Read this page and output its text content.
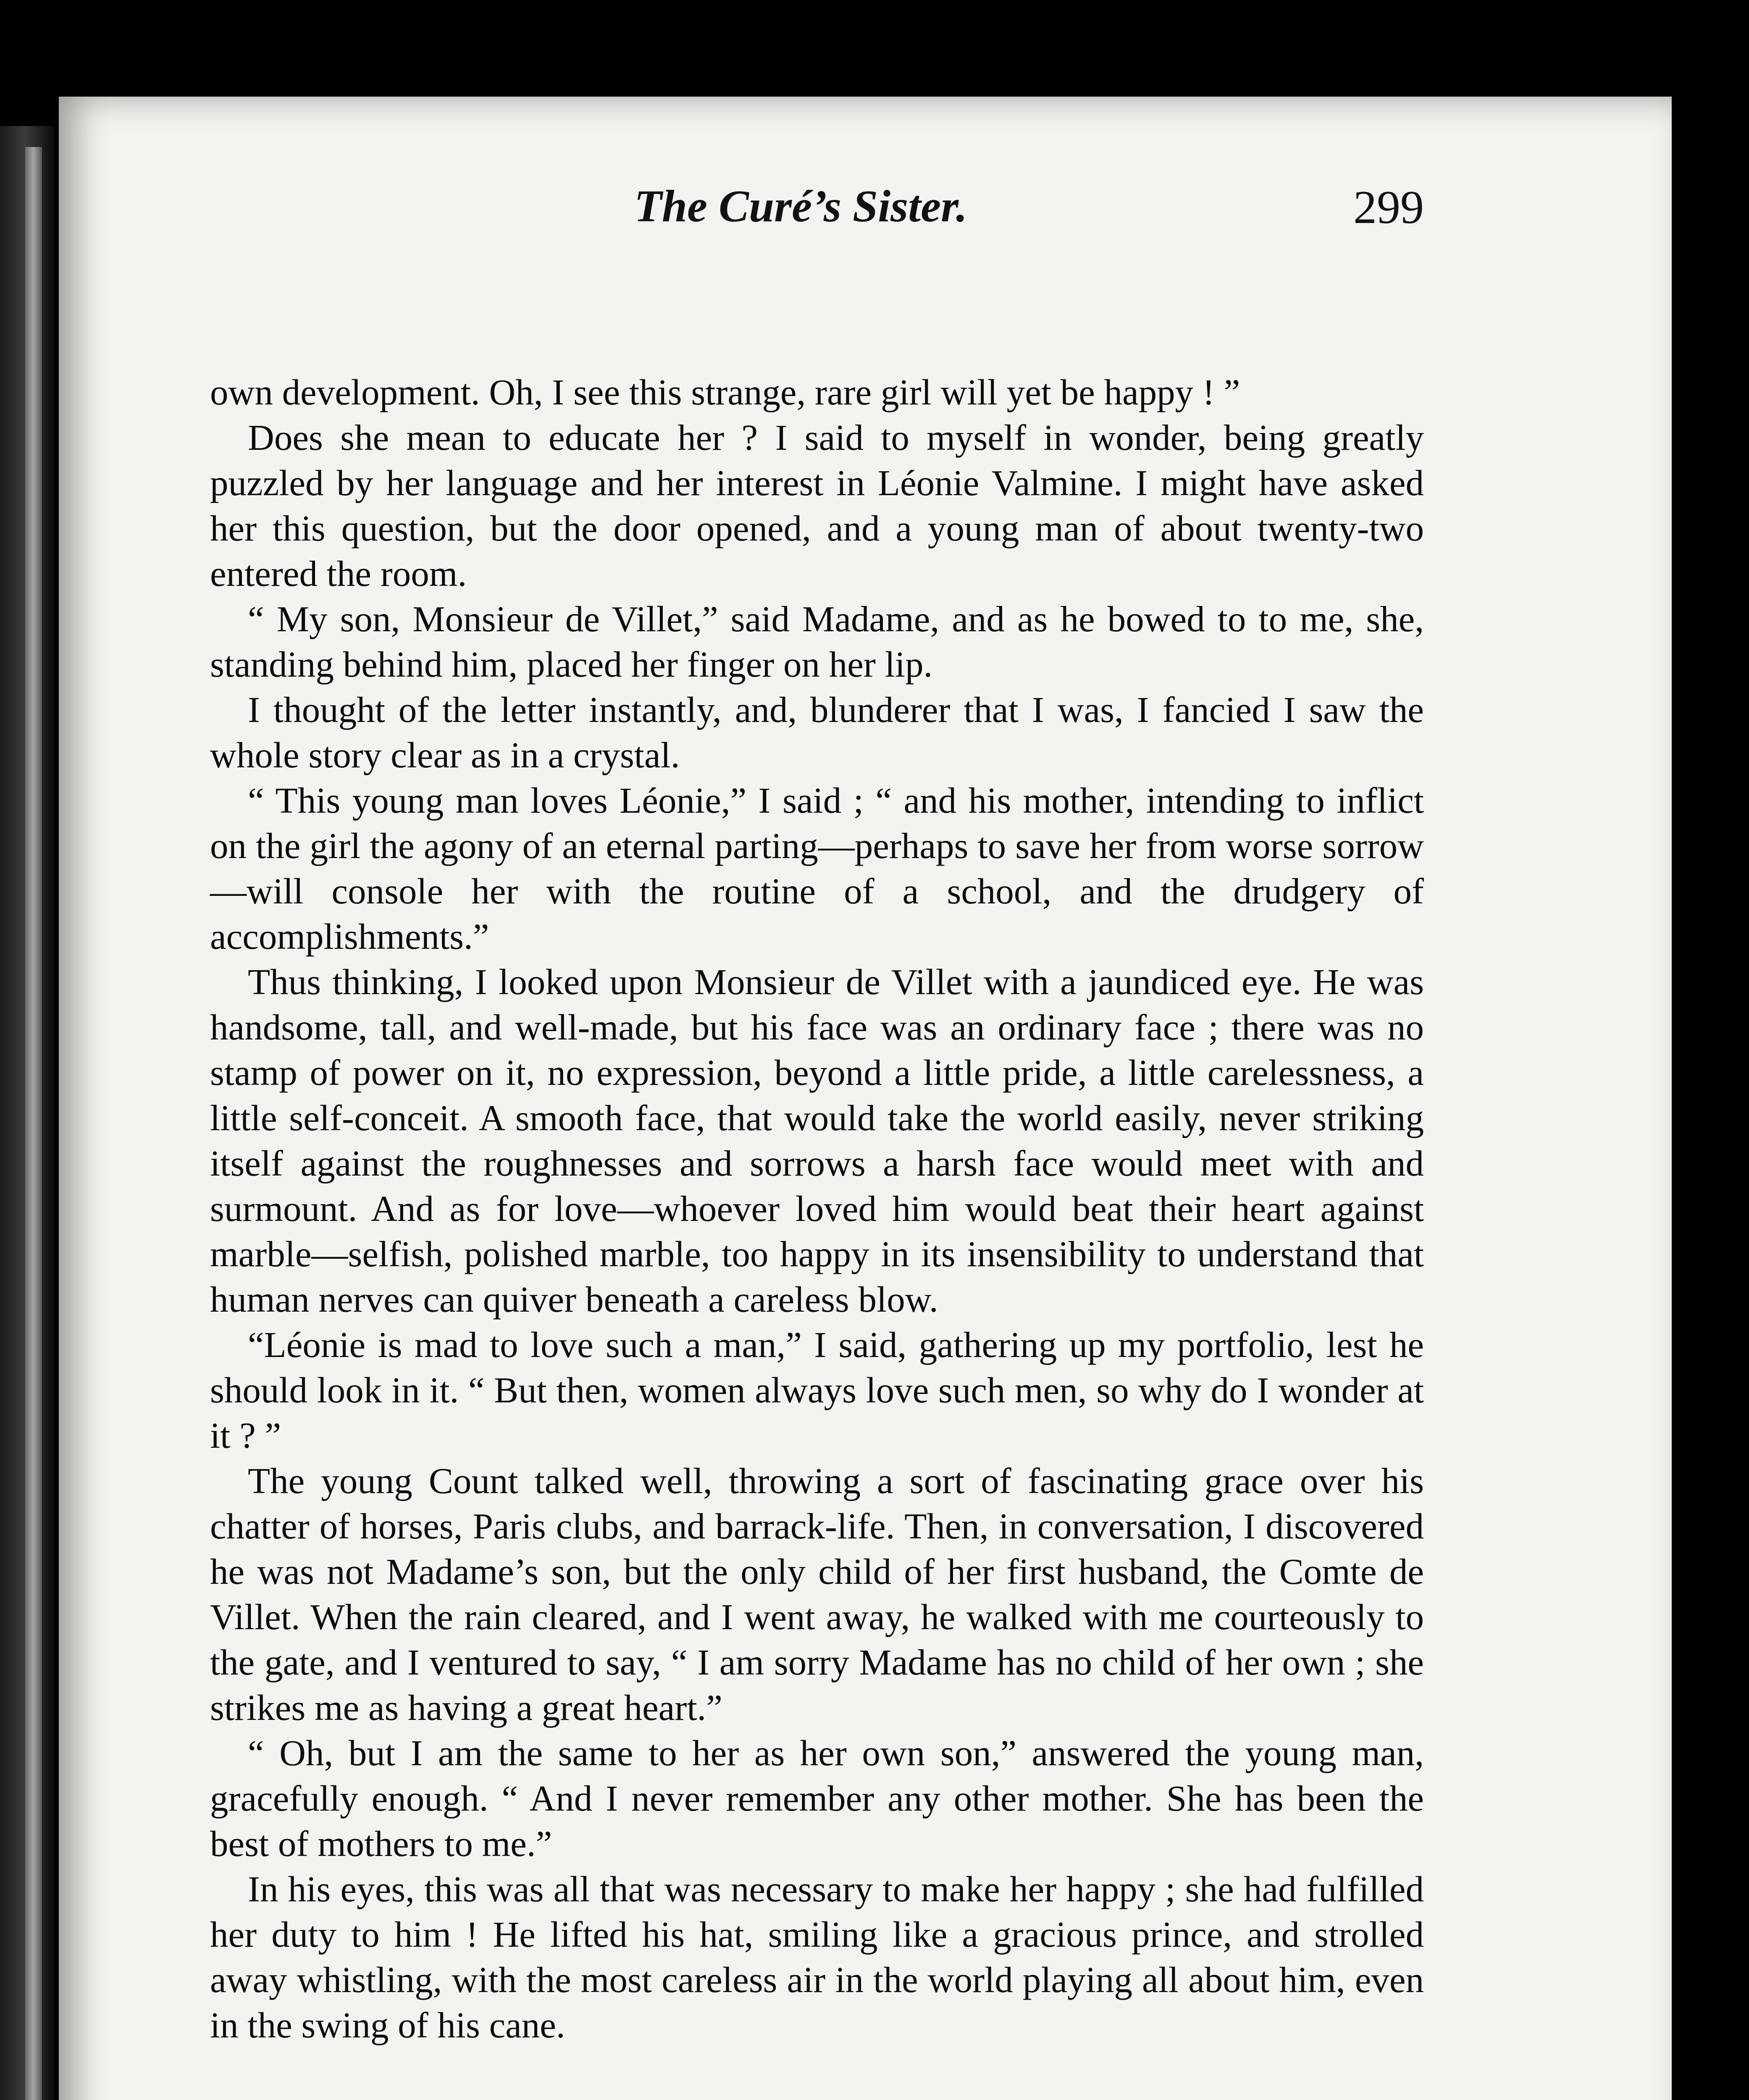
The Curé’s Sister.	299

own development. Oh, I see this strange, rare girl will yet be happy ! ”

Does she mean to educate her ? I said to myself in wonder, being greatly puzzled by her language and her interest in Léonie Valmine. I might have asked her this question, but the door opened, and a young man of about twenty-two entered the room.

“ My son, Monsieur de Villet,” said Madame, and as he bowed to to me, she, standing behind him, placed her finger on her lip.

I thought of the letter instantly, and, blunderer that I was, I fancied I saw the whole story clear as in a crystal.

“ This young man loves Léonie,” I said ; “ and his mother, intending to inflict on the girl the agony of an eternal parting—perhaps to save her from worse sorrow—will console her with the routine of a school, and the drudgery of accomplishments.”

Thus thinking, I looked upon Monsieur de Villet with a jaundiced eye. He was handsome, tall, and well-made, but his face was an ordinary face ; there was no stamp of power on it, no expression, beyond a little pride, a little carelessness, a little self-conceit. A smooth face, that would take the world easily, never striking itself against the roughnesses and sorrows a harsh face would meet with and surmount. And as for love—whoever loved him would beat their heart against marble—selfish, polished marble, too happy in its insensibility to understand that human nerves can quiver beneath a careless blow.

“Léonie is mad to love such a man,” I said, gathering up my portfolio, lest he should look in it. “ But then, women always love such men, so why do I wonder at it ? ”

The young Count talked well, throwing a sort of fascinating grace over his chatter of horses, Paris clubs, and barrack-life. Then, in conversation, I discovered he was not Madame’s son, but the only child of her first husband, the Comte de Villet. When the rain cleared, and I went away, he walked with me courteously to the gate, and I ventured to say, “ I am sorry Madame has no child of her own ; she strikes me as having a great heart.”

“ Oh, but I am the same to her as her own son,” answered the young man, gracefully enough. “ And I never remember any other mother. She has been the best of mothers to me.”

In his eyes, this was all that was necessary to make her happy ; she had fulfilled her duty to him ! He lifted his hat, smiling like a gracious prince, and strolled away whistling, with the most careless air in the world playing all about him, even in the swing of his cane.
